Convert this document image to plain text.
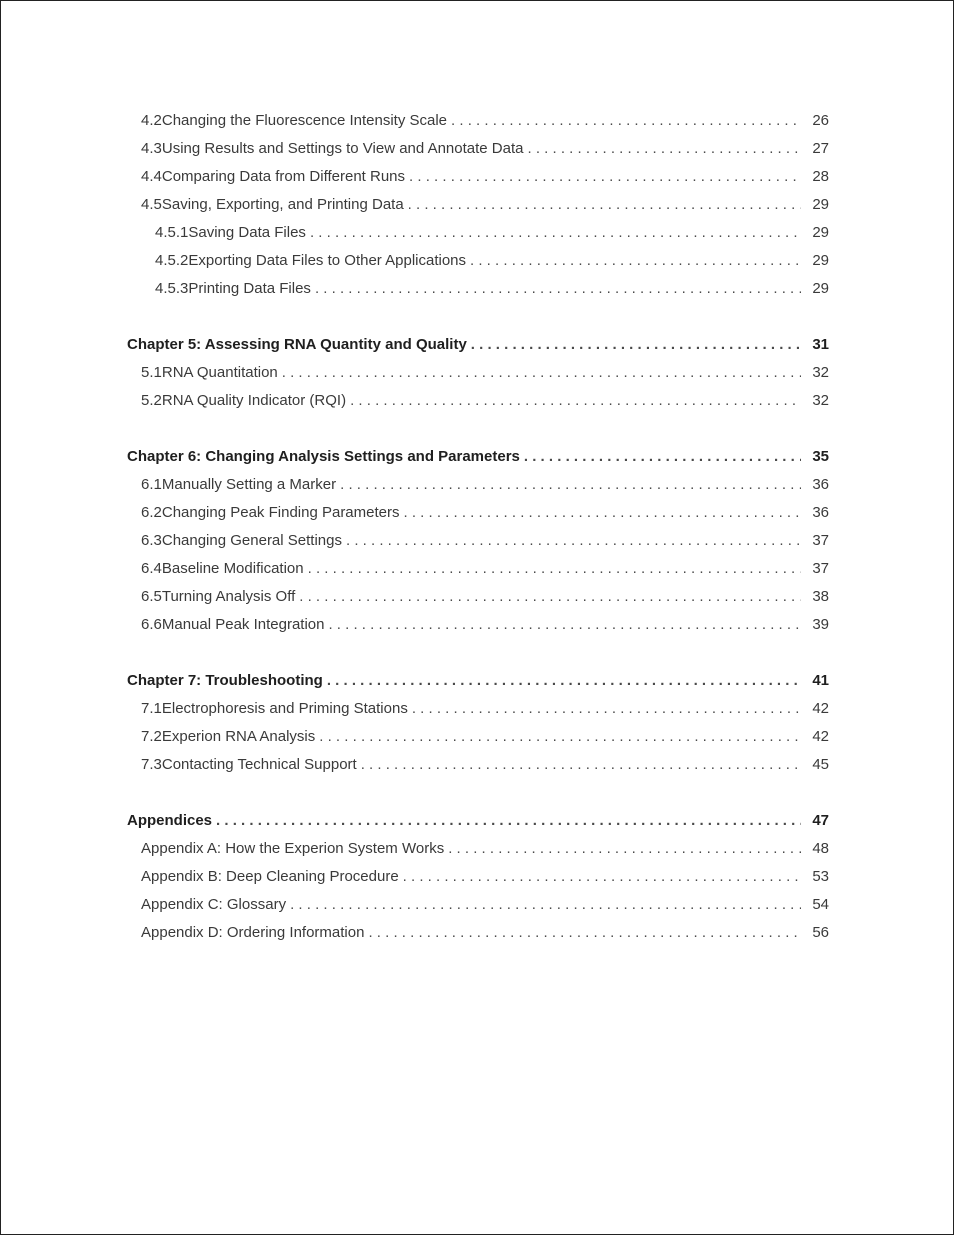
4.2 Changing the Fluorescence Intensity Scale . . .	26
4.3 Using Results and Settings to View and Annotate Data . . .	27
4.4 Comparing Data from Different Runs . . .	28
4.5 Saving, Exporting, and Printing Data . . .	29
4.5.1 Saving Data Files . . .	29
4.5.2 Exporting Data Files to Other Applications . . .	29
4.5.3 Printing Data Files . . .	29
Chapter 5: Assessing RNA Quantity and Quality . . .	31
5.1 RNA Quantitation . . .	32
5.2 RNA Quality Indicator (RQI) . . .	32
Chapter 6: Changing Analysis Settings and Parameters . . .	35
6.1 Manually Setting a Marker . . .	36
6.2 Changing Peak Finding Parameters . . .	36
6.3 Changing General Settings . . .	37
6.4 Baseline Modification . . .	37
6.5 Turning Analysis Off . . .	38
6.6 Manual Peak Integration . . .	39
Chapter 7: Troubleshooting . . .	41
7.1 Electrophoresis and Priming Stations . . .	42
7.2 Experion RNA Analysis . . .	42
7.3 Contacting Technical Support . . .	45
Appendices . . .	47
Appendix A: How the Experion System Works . . .	48
Appendix B: Deep Cleaning Procedure . . .	53
Appendix C: Glossary . . .	54
Appendix D: Ordering Information . . .	56
